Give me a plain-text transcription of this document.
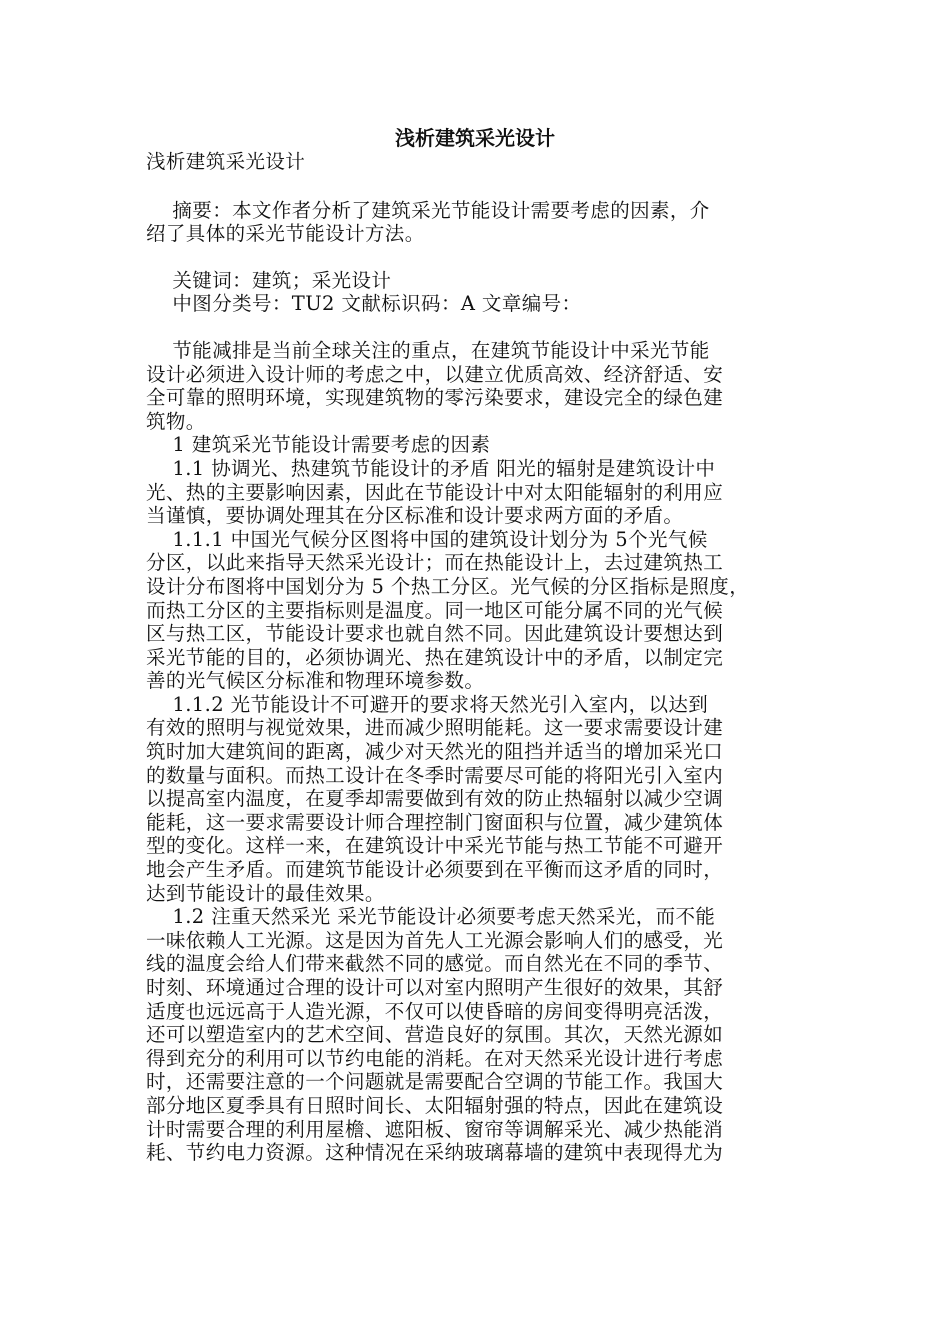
浅析建筑采光设计
浅析建筑采光设计
摘要：本文作者分析了建筑采光节能设计需要考虑的因素，介
绍了具体的采光节能设计方法。
关键词：建筑；采光设计
中图分类号：TU2 文献标识码：A 文章编号：
节能减排是当前全球关注的重点，在建筑节能设计中采光节能
设计必须进入设计师的考虑之中，以建立优质高效、经济舒适、安
全可靠的照明环境，实现建筑物的零污染要求，建设完全的绿色建
筑物。
1 建筑采光节能设计需要考虑的因素
1.1 协调光、热建筑节能设计的矛盾 阳光的辐射是建筑设计中
光、热的主要影响因素，因此在节能设计中对太阳能辐射的利用应
当谨慎，要协调处理其在分区标准和设计要求两方面的矛盾。
1.1.1 中国光气候分区图将中国的建筑设计划分为 5个光气候
分区，以此来指导天然采光设计；而在热能设计上，去过建筑热工
设计分布图将中国划分为 5 个热工分区。光气候的分区指标是照度，
而热工分区的主要指标则是温度。同一地区可能分属不同的光气候
区与热工区，节能设计要求也就自然不同。因此建筑设计要想达到
采光节能的目的，必须协调光、热在建筑设计中的矛盾，以制定完
善的光气候区分标准和物理环境参数。
1.1.2 光节能设计不可避开的要求将天然光引入室内，以达到
有效的照明与视觉效果，进而减少照明能耗。这一要求需要设计建
筑时加大建筑间的距离，减少对天然光的阻挡并适当的增加采光口
的数量与面积。而热工设计在冬季时需要尽可能的将阳光引入室内
以提高室内温度，在夏季却需要做到有效的防止热辐射以减少空调
能耗，这一要求需要设计师合理控制门窗面积与位置，减少建筑体
型的变化。这样一来，在建筑设计中采光节能与热工节能不可避开
地会产生矛盾。而建筑节能设计必须要到在平衡而这矛盾的同时，
达到节能设计的最佳效果。
1.2 注重天然采光 采光节能设计必须要考虑天然采光，而不能
一味依赖人工光源。这是因为首先人工光源会影响人们的感受，光
线的温度会给人们带来截然不同的感觉。而自然光在不同的季节、
时刻、环境通过合理的设计可以对室内照明产生很好的效果，其舒
适度也远远高于人造光源，不仅可以使昏暗的房间变得明亮活泼，
还可以塑造室内的艺术空间、营造良好的氛围。其次，天然光源如
得到充分的利用可以节约电能的消耗。在对天然采光设计进行考虑
时，还需要注意的一个问题就是需要配合空调的节能工作。我国大
部分地区夏季具有日照时间长、太阳辐射强的特点，因此在建筑设
计时需要合理的利用屋檐、遮阳板、窗帘等调解采光、减少热能消
耗、节约电力资源。这种情况在采纳玻璃幕墙的建筑中表现得尤为
